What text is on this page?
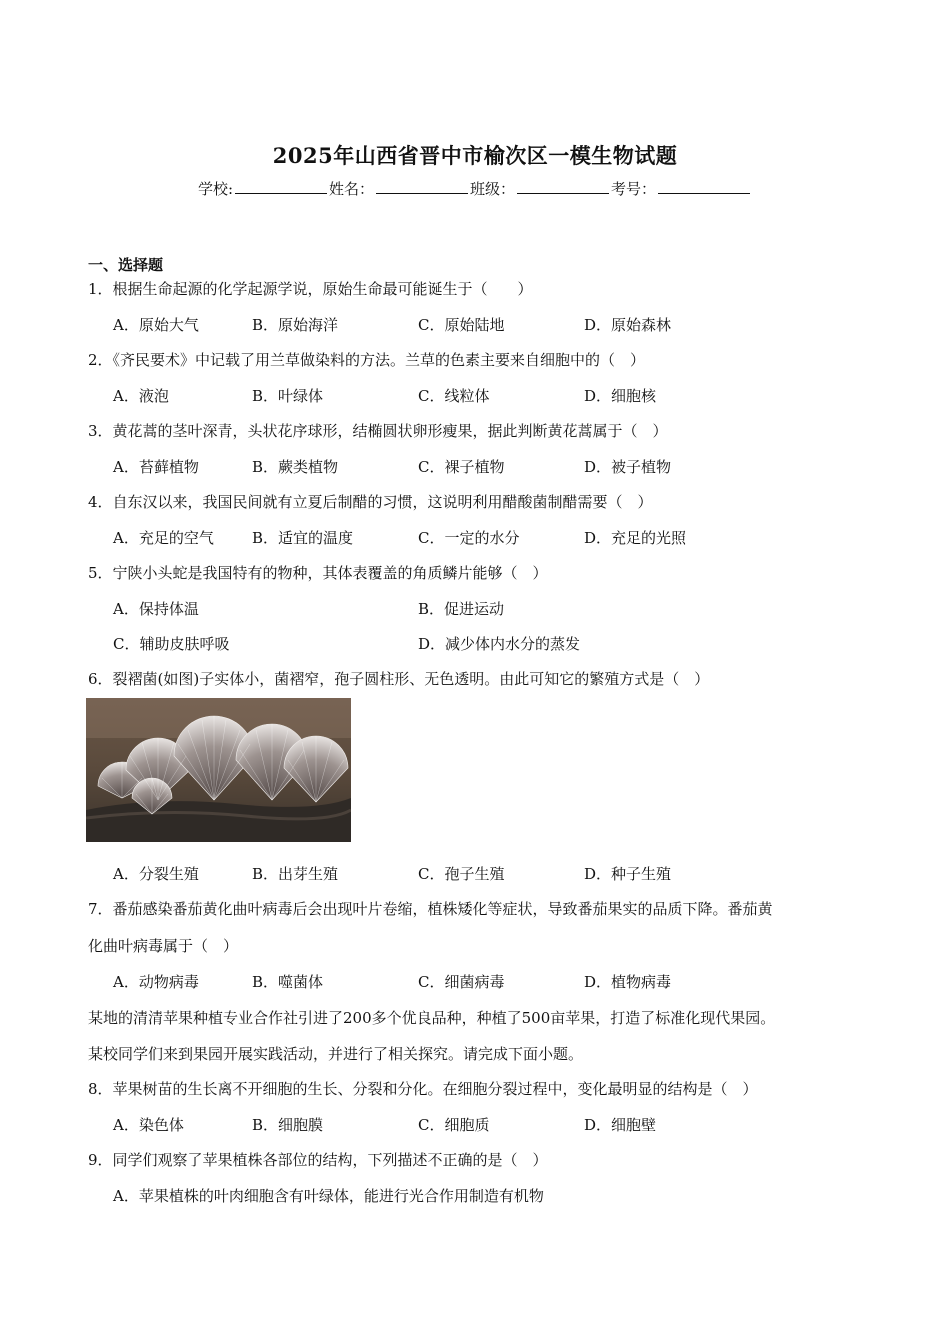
2025年山西省晋中市榆次区一模生物试题
学校:	姓名：	班级：	考号：
一、选择题
1．根据生命起源的化学起源学说，原始生命最可能诞生于（　　）
A．原始大气	B．原始海洋	C．原始陆地	D．原始森林
2．《齐民要术》中记载了用兰草做染料的方法。兰草的色素主要来自细胞中的（　）
A．液泡	B．叶绿体	C．线粒体	D．细胞核
3．黄花蒿的茎叶深青，头状花序球形，结椭圆状卵形瘦果，据此判断黄花蒿属于（　）
A．苔藓植物	B．蕨类植物	C．裸子植物	D．被子植物
4．自东汉以来，我国民间就有立夏后制醋的习惯，这说明利用醋酸菌制醋需要（　）
A．充足的空气	B．适宜的温度	C．一定的水分	D．充足的光照
5．宁陕小头蛇是我国特有的物种，其体表覆盖的角质鳞片能够（　）
A．保持体温	B．促进运动
C．辅助皮肤呼吸	D．减少体内水分的蒸发
6．裂褶菌(如图)子实体小，菌褶窄，孢子圆柱形、无色透明。由此可知它的繁殖方式是（　）
A．分裂生殖	B．出芽生殖	C．孢子生殖	D．种子生殖
7．番茄感染番茄黄化曲叶病毒后会出现叶片卷缩，植株矮化等症状，导致番茄果实的品质下降。番茄黄
化曲叶病毒属于（　）
A．动物病毒	B．噬菌体	C．细菌病毒	D．植物病毒
某地的清清苹果种植专业合作社引进了200多个优良品种，种植了500亩苹果，打造了标准化现代果园。
某校同学们来到果园开展实践活动，并进行了相关探究。请完成下面小题。
8．苹果树苗的生长离不开细胞的生长、分裂和分化。在细胞分裂过程中，变化最明显的结构是（　）
A．染色体	B．细胞膜	C．细胞质	D．细胞壁
9．同学们观察了苹果植株各部位的结构，下列描述不正确的是（　）
A．苹果植株的叶肉细胞含有叶绿体，能进行光合作用制造有机物
